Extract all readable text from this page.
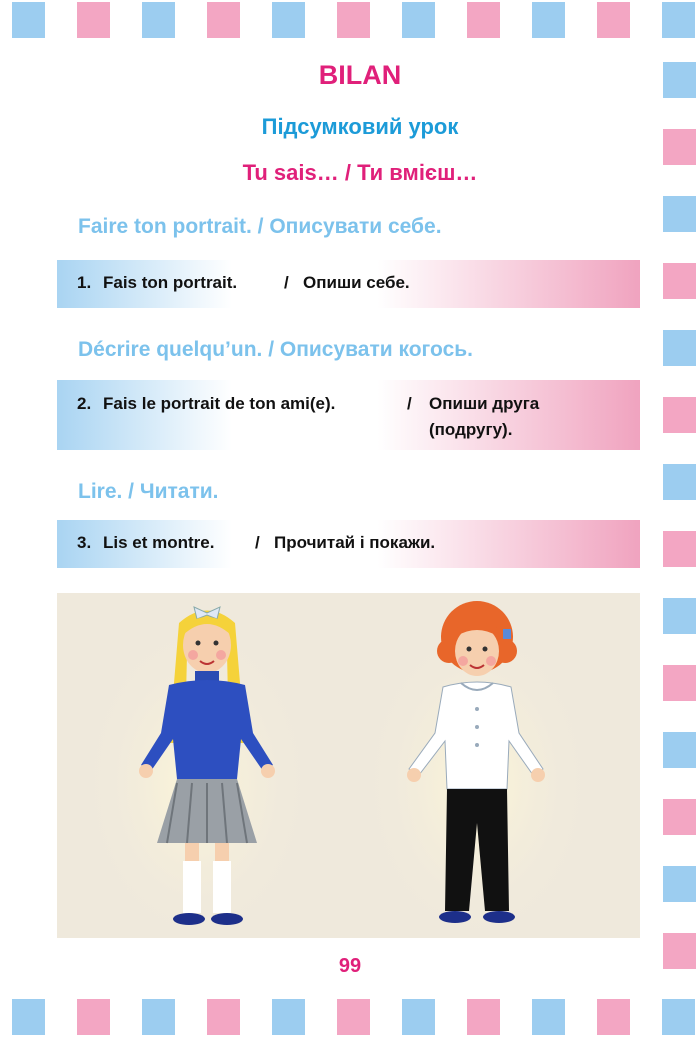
BILAN
Підсумковий урок
Tu sais… / Ти вмієш…
Faire ton portrait. / Описувати себе.
1. Fais ton portrait.	/ Опиши себе.
Décrire quelqu’un. / Описувати когось.
2. Fais le portrait de ton ami(e).	/ Опиши друга
(подругу).
Lire. / Читати.
3. Lis et montre. / Прочитай і покажи.
99
